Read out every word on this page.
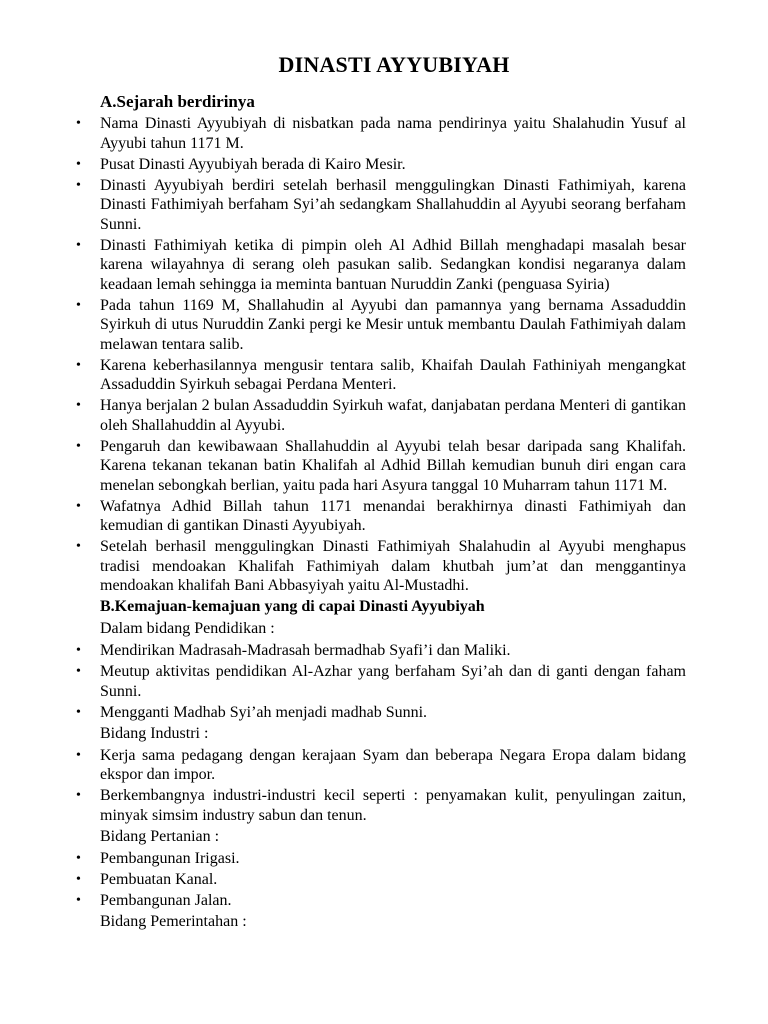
DINASTI AYYUBIYAH
A.Sejarah berdirinya
•	Nama Dinasti Ayyubiyah di nisbatkan pada nama pendirinya yaitu Shalahudin Yusuf al Ayyubi tahun 1171 M.
•	Pusat Dinasti Ayyubiyah berada di Kairo Mesir.
•	Dinasti Ayyubiyah berdiri setelah berhasil menggulingkan Dinasti Fathimiyah, karena Dinasti Fathimiyah berfaham Syi’ah sedangkam Shallahuddin al Ayyubi seorang berfaham Sunni.
•	Dinasti Fathimiyah ketika di pimpin oleh Al Adhid Billah menghadapi masalah besar karena wilayahnya di serang oleh pasukan salib. Sedangkan kondisi negaranya dalam keadaan lemah sehingga ia meminta bantuan Nuruddin Zanki (penguasa Syiria)
•	Pada tahun 1169 M, Shallahudin al Ayyubi dan pamannya yang bernama Assaduddin Syirkuh di utus Nuruddin Zanki pergi ke Mesir untuk membantu Daulah Fathimiyah dalam melawan tentara salib.
•	Karena keberhasilannya mengusir tentara salib, Khaifah Daulah Fathiniyah mengangkat Assaduddin Syirkuh sebagai Perdana Menteri.
•	Hanya berjalan 2 bulan Assaduddin Syirkuh wafat, danjabatan perdana Menteri di gantikan oleh Shallahuddin al Ayyubi.
•	Pengaruh dan kewibawaan Shallahuddin al Ayyubi telah besar daripada sang Khalifah. Karena tekanan tekanan batin Khalifah al Adhid Billah kemudian bunuh diri engan cara menelan sebongkah berlian, yaitu pada hari Asyura tanggal 10 Muharram tahun 1171 M.
•	Wafatnya Adhid Billah tahun 1171 menandai berakhirnya dinasti Fathimiyah dan kemudian di gantikan Dinasti Ayyubiyah.
•	Setelah berhasil menggulingkan Dinasti Fathimiyah Shalahudin al Ayyubi menghapus tradisi mendoakan Khalifah Fathimiyah dalam khutbah jum’at dan menggantinya mendoakan khalifah Bani Abbasyiyah yaitu Al-Mustadhi.
B.Kemajuan-kemajuan yang di capai Dinasti Ayyubiyah
Dalam bidang Pendidikan :
•	Mendirikan Madrasah-Madrasah bermadhab Syafi’i dan Maliki.
•	Meutup aktivitas pendidikan Al-Azhar yang berfaham Syi’ah dan di ganti dengan faham Sunni.
•	Mengganti Madhab Syi’ah menjadi madhab Sunni.
Bidang Industri :
•	Kerja sama pedagang dengan kerajaan Syam dan beberapa Negara Eropa dalam bidang ekspor dan impor.
•	Berkembangnya industri-industri kecil seperti : penyamakan kulit, penyulingan zaitun, minyak simsim industry sabun dan tenun.
Bidang Pertanian :
•	Pembangunan Irigasi.
•	Pembuatan Kanal.
•	Pembangunan Jalan.
Bidang Pemerintahan :
